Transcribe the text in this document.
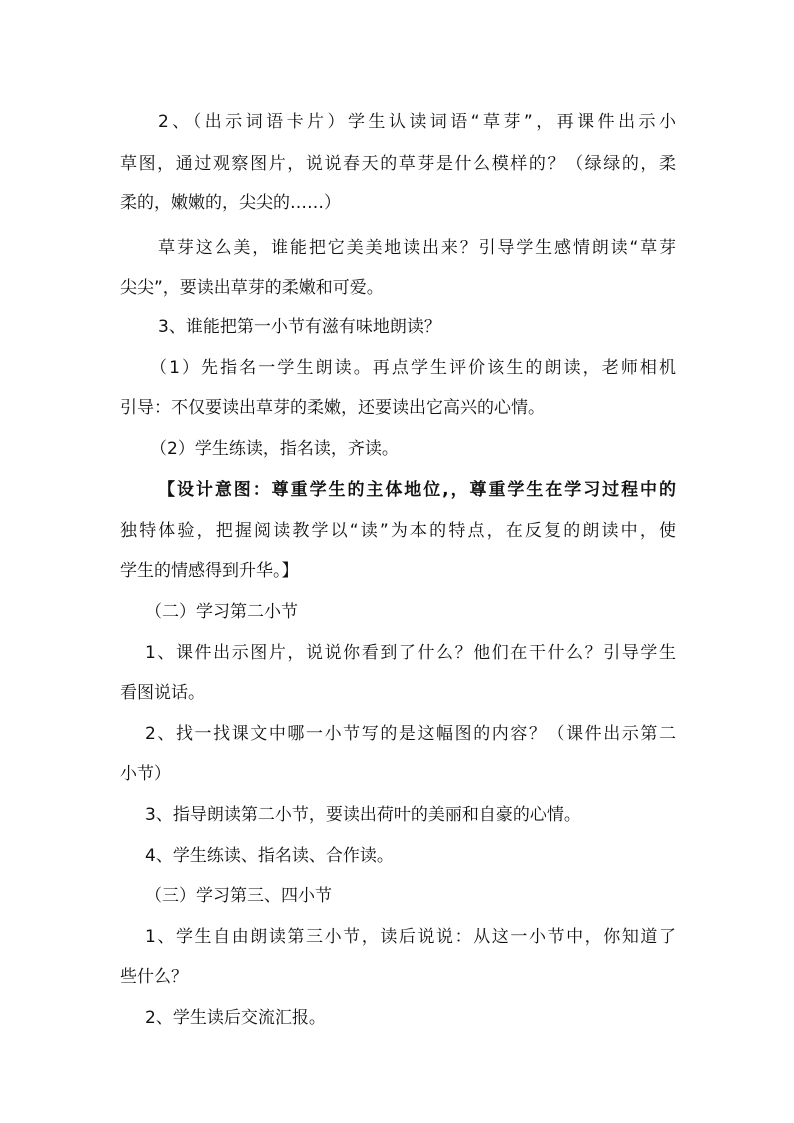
2、（出示词语卡片）学生认读词语“草芽”，再课件出示小
草图，通过观察图片，说说春天的草芽是什么模样的？（绿绿的，柔
柔的，嫩嫩的，尖尖的……）
草芽这么美，谁能把它美美地读出来？引导学生感情朗读“草芽
尖尖”，要读出草芽的柔嫩和可爱。
3、谁能把第一小节有滋有味地朗读？
（1）先指名一学生朗读。再点学生评价该生的朗读，老师相机
引导：不仅要读出草芽的柔嫩，还要读出它高兴的心情。
（2）学生练读，指名读，齐读。
【设计意图：尊重学生的主体地位,，尊重学生在学习过程中的
独特体验，把握阅读教学以“读”为本的特点，在反复的朗读中，使
学生的情感得到升华。】
（二）学习第二小节
1、课件出示图片，说说你看到了什么？他们在干什么？引导学生
看图说话。
2、找一找课文中哪一小节写的是这幅图的内容？（课件出示第二
小节）
3、指导朗读第二小节，要读出荷叶的美丽和自豪的心情。
4、学生练读、指名读、合作读。
（三）学习第三、四小节
1、学生自由朗读第三小节，读后说说：从这一小节中，你知道了
些什么？
2、学生读后交流汇报。
